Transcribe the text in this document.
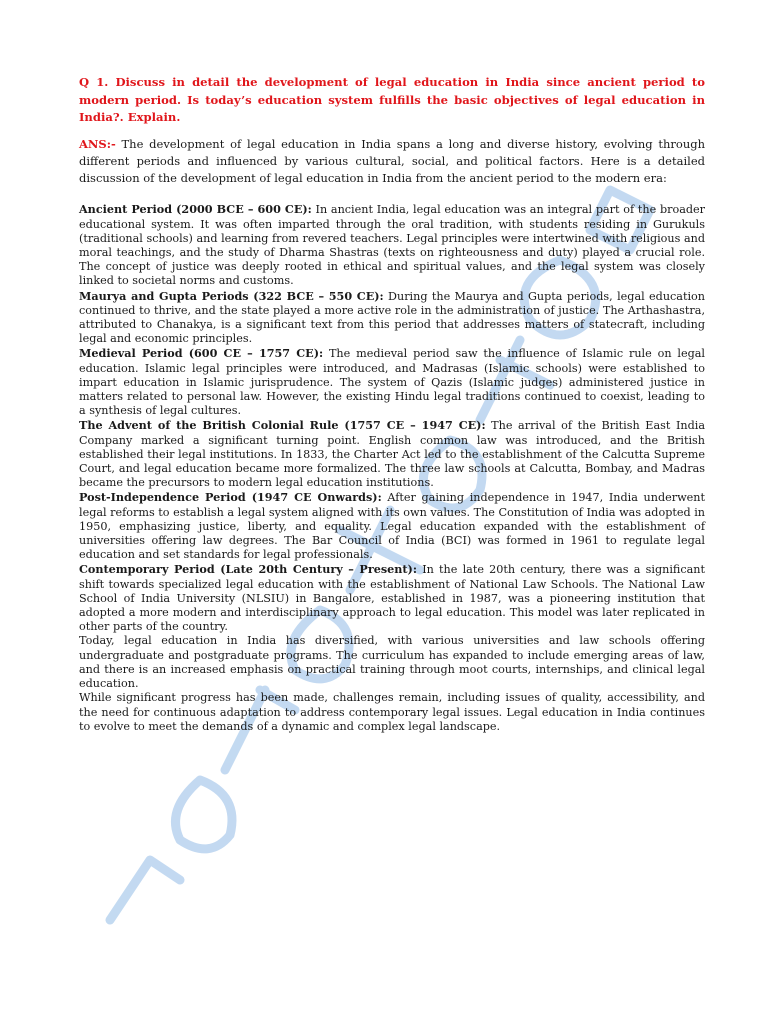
Q 1. Discuss in detail the development of legal education in India since ancient period to modern period. Is today’s education system fulfills the basic objectives of legal education in India?. Explain.

ANS:- The development of legal education in India spans a long and diverse history, evolving through different periods and influenced by various cultural, social, and political factors. Here is a detailed discussion of the development of legal education in India from the ancient period to the modern era:

Ancient Period (2000 BCE – 600 CE): In ancient India, legal education was an integral part of the broader educational system. It was often imparted through the oral tradition, with students residing in Gurukuls (traditional schools) and learning from revered teachers. Legal principles were intertwined with religious and moral teachings, and the study of Dharma Shastras (texts on righteousness and duty) played a crucial role. The concept of justice was deeply rooted in ethical and spiritual values, and the legal system was closely linked to societal norms and customs.

Maurya and Gupta Periods (322 BCE – 550 CE): During the Maurya and Gupta periods, legal education continued to thrive, and the state played a more active role in the administration of justice. The Arthashastra, attributed to Chanakya, is a significant text from this period that addresses matters of statecraft, including legal and economic principles.

Medieval Period (600 CE – 1757 CE): The medieval period saw the influence of Islamic rule on legal education. Islamic legal principles were introduced, and Madrasas (Islamic schools) were established to impart education in Islamic jurisprudence. The system of Qazis (Islamic judges) administered justice in matters related to personal law. However, the existing Hindu legal traditions continued to coexist, leading to a synthesis of legal cultures.

The Advent of the British Colonial Rule (1757 CE – 1947 CE): The arrival of the British East India Company marked a significant turning point. English common law was introduced, and the British established their legal institutions. In 1833, the Charter Act led to the establishment of the Calcutta Supreme Court, and legal education became more formalized. The three law schools at Calcutta, Bombay, and Madras became the precursors to modern legal education institutions.

Post-Independence Period (1947 CE Onwards): After gaining independence in 1947, India underwent legal reforms to establish a legal system aligned with its own values. The Constitution of India was adopted in 1950, emphasizing justice, liberty, and equality. Legal education expanded with the establishment of universities offering law degrees. The Bar Council of India (BCI) was formed in 1961 to regulate legal education and set standards for legal professionals.

Contemporary Period (Late 20th Century – Present): In the late 20th century, there was a significant shift towards specialized legal education with the establishment of National Law Schools. The National Law School of India University (NLSIU) in Bangalore, established in 1987, was a pioneering institution that adopted a more modern and interdisciplinary approach to legal education. This model was later replicated in other parts of the country.

Today, legal education in India has diversified, with various universities and law schools offering undergraduate and postgraduate programs. The curriculum has expanded to include emerging areas of law, and there is an increased emphasis on practical training through moot courts, internships, and clinical legal education.

While significant progress has been made, challenges remain, including issues of quality, accessibility, and the need for continuous adaptation to address contemporary legal issues. Legal education in India continues to evolve to meet the demands of a dynamic and complex legal landscape.
